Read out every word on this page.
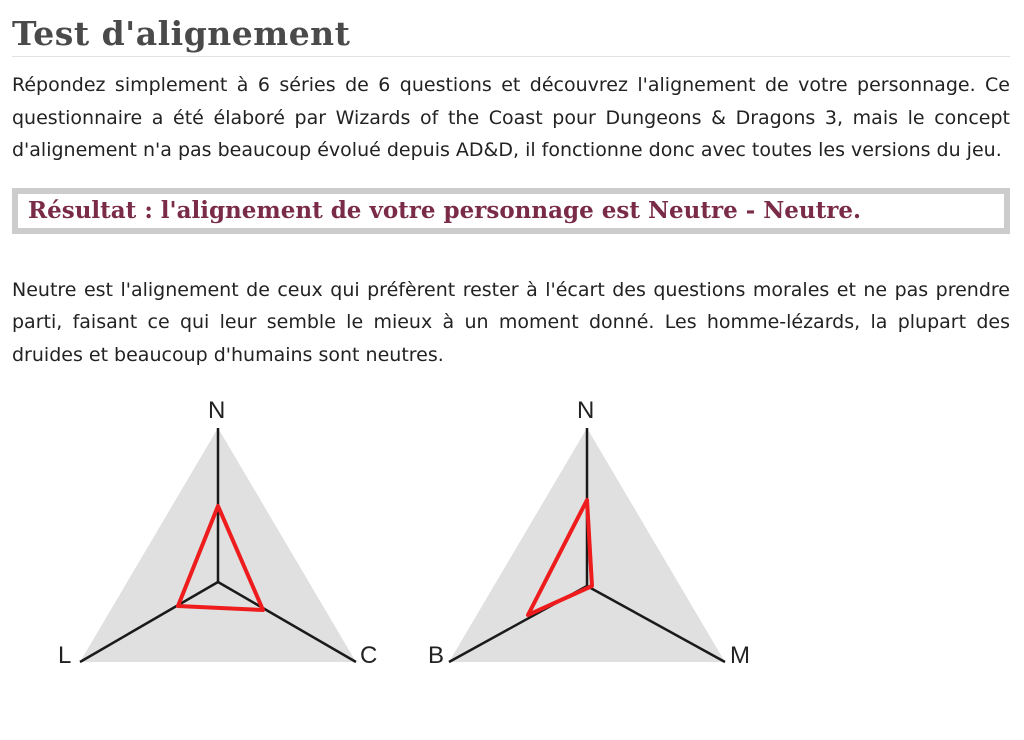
Test d'alignement

Répondez simplement à 6 séries de 6 questions et découvrez l'alignement de votre personnage. Ce questionnaire a été élaboré par Wizards of the Coast pour Dungeons & Dragons 3, mais le concept d'alignement n'a pas beaucoup évolué depuis AD&D, il fonctionne donc avec toutes les versions du jeu.

Résultat : l'alignement de votre personnage est Neutre - Neutre.

Neutre est l'alignement de ceux qui préfèrent rester à l'écart des questions morales et ne pas prendre parti, faisant ce qui leur semble le mieux à un moment donné. Les homme-lézards, la plupart des druides et beaucoup d'humains sont neutres.

N
L	C
N
B	M
